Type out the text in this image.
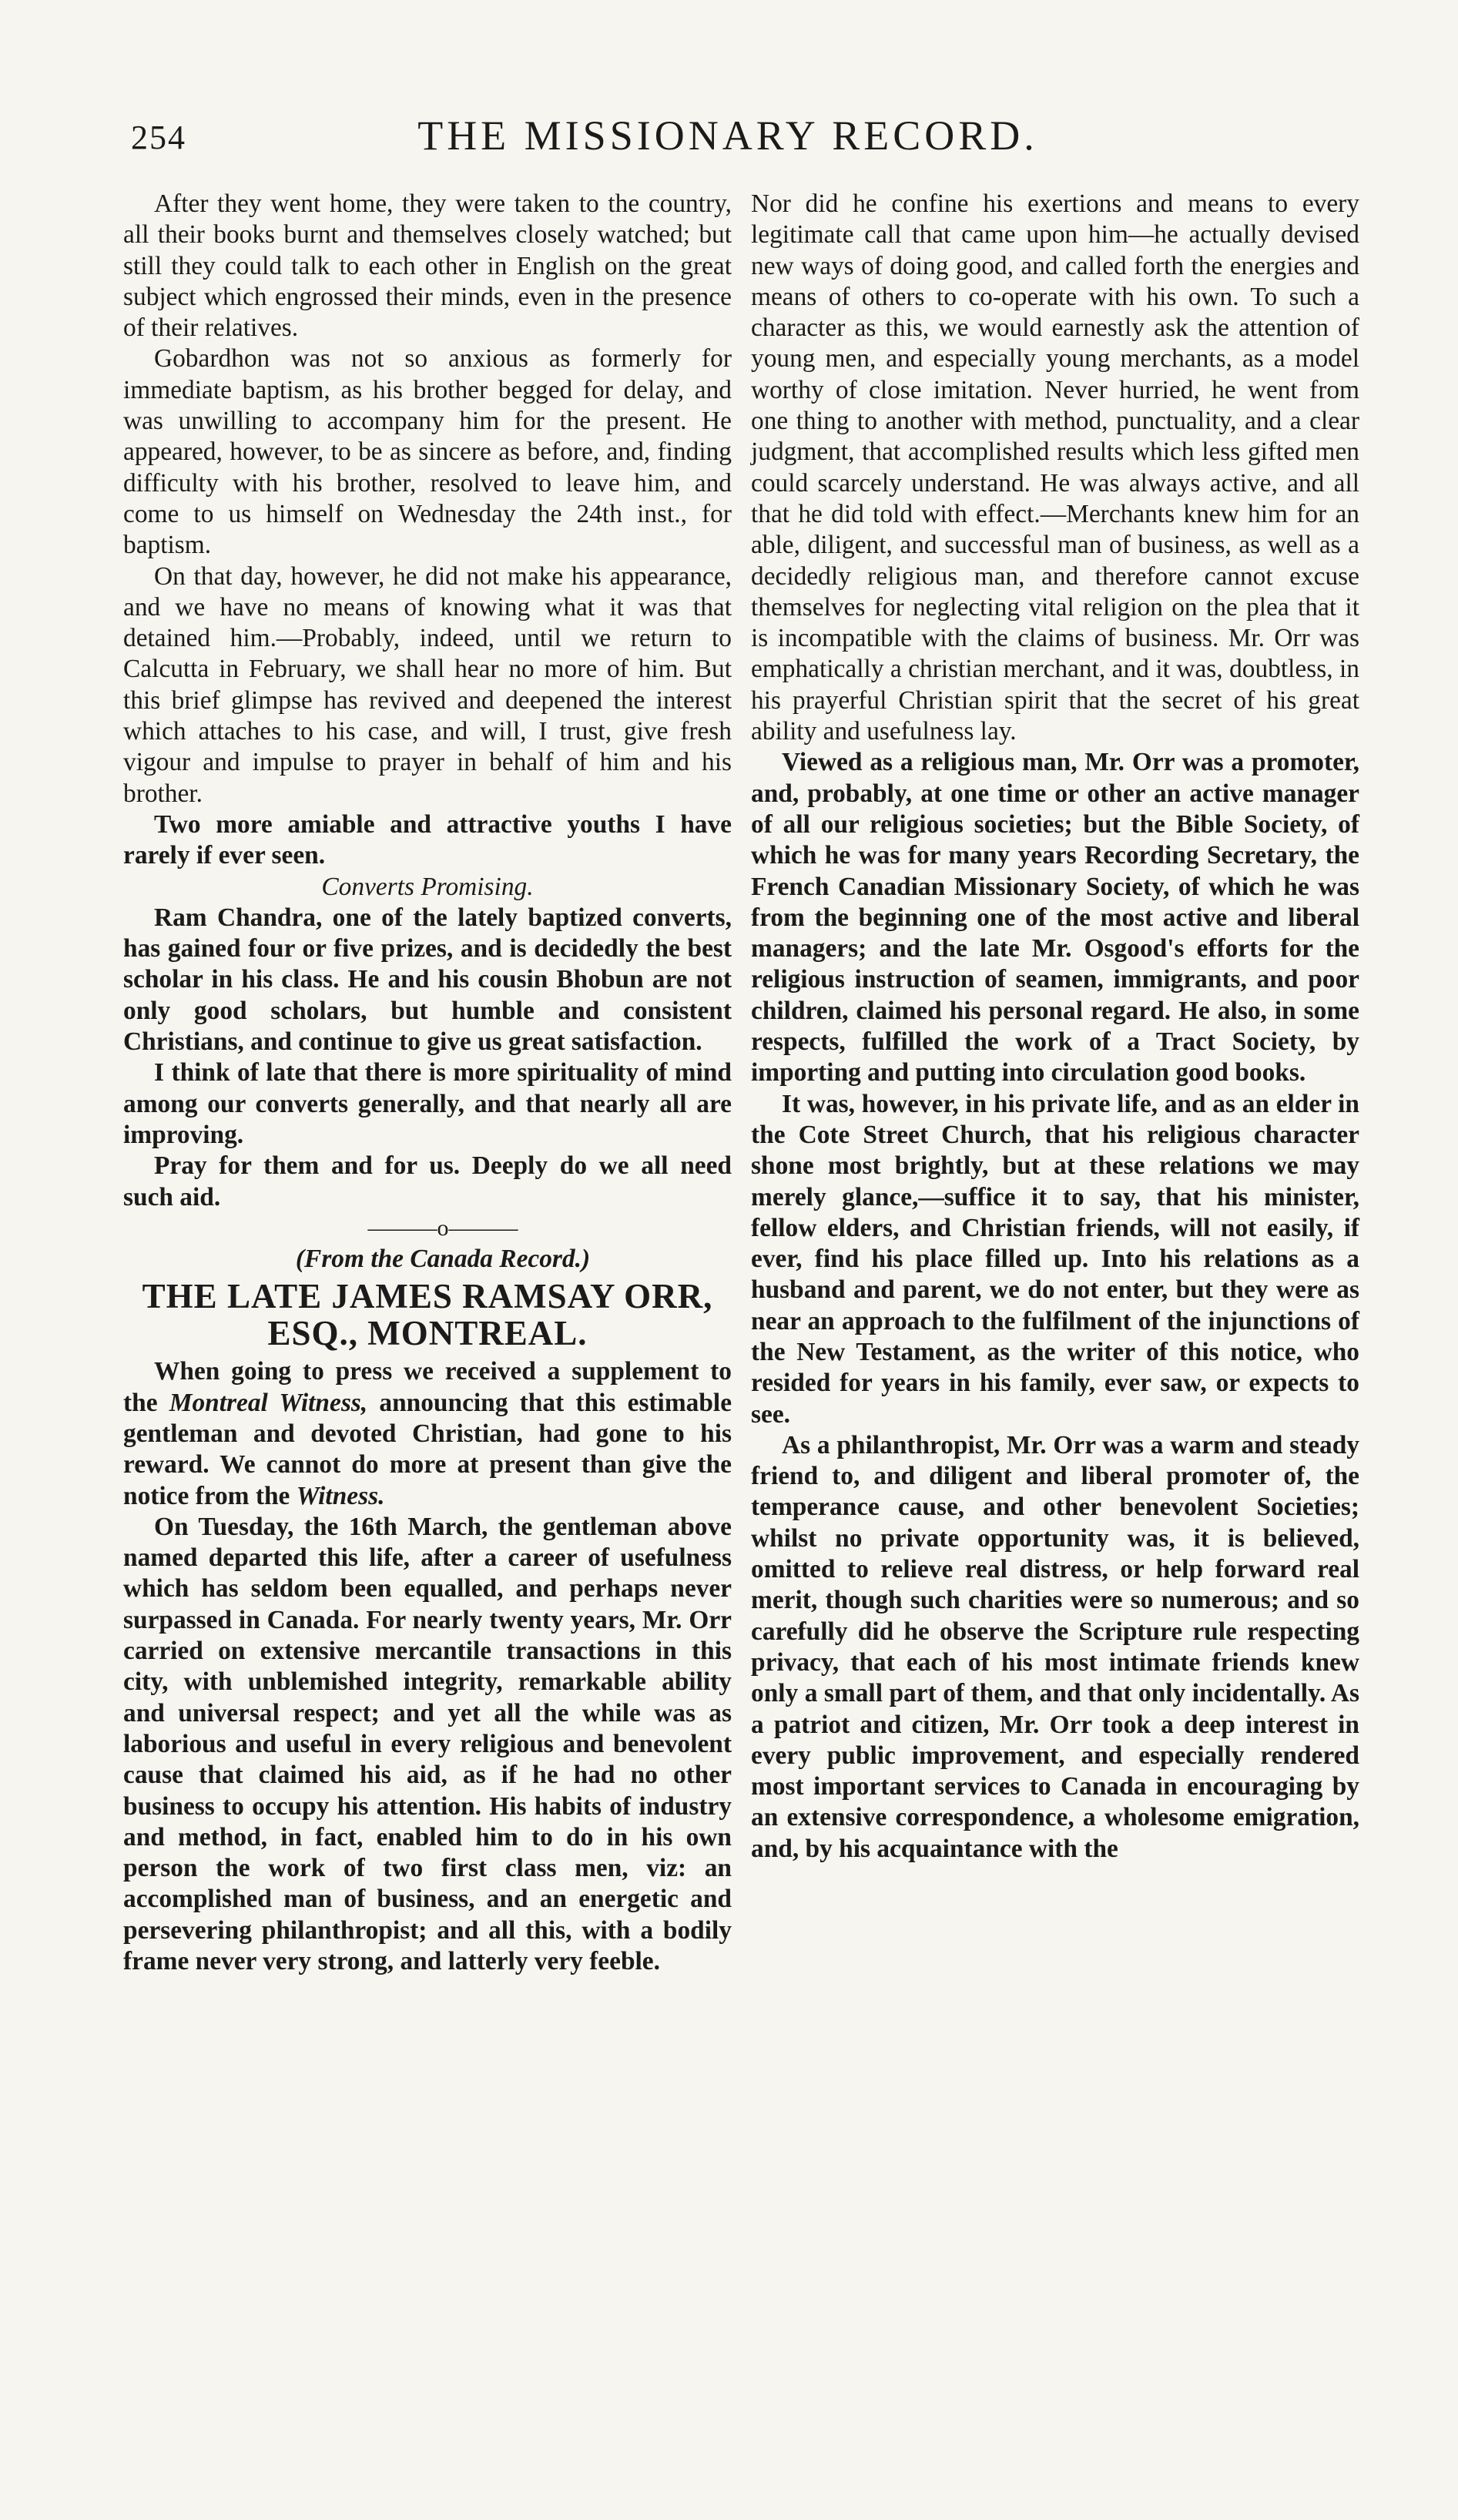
254	THE MISSIONARY RECORD.

After they went home, they were taken to the country, all their books burnt and themselves closely watched; but still they could talk to each other in English on the great subject which engrossed their minds, even in the presence of their relatives.

Gobardhon was not so anxious as formerly for immediate baptism, as his brother begged for delay, and was unwilling to accompany him for the present. He appeared, however, to be as sincere as before, and, finding difficulty with his brother, resolved to leave him, and come to us himself on Wednesday the 24th inst., for baptism.

On that day, however, he did not make his appearance, and we have no means of knowing what it was that detained him.—Probably, indeed, until we return to Calcutta in February, we shall hear no more of him. But this brief glimpse has revived and deepened the interest which attaches to his case, and will, I trust, give fresh vigour and impulse to prayer in behalf of him and his brother.

Two more amiable and attractive youths I have rarely if ever seen.

Converts Promising.

Ram Chandra, one of the lately baptized converts, has gained four or five prizes, and is decidedly the best scholar in his class. He and his cousin Bhobun are not only good scholars, but humble and consistent Christians, and continue to give us great satisfaction.

I think of late that there is more spirituality of mind among our converts generally, and that nearly all are improving.

Pray for them and for us. Deeply do we all need such aid.

———o———

(From the Canada Record.)

THE LATE JAMES RAMSAY ORR,
ESQ., MONTREAL.

When going to press we received a supplement to the Montreal Witness, announcing that this estimable gentleman and devoted Christian, had gone to his reward. We cannot do more at present than give the notice from the Witness.

On Tuesday, the 16th March, the gentleman above named departed this life, after a career of usefulness which has seldom been equalled, and perhaps never surpassed in Canada. For nearly twenty years, Mr. Orr carried on extensive mercantile transactions in this city, with unblemished integrity, remarkable ability and universal respect; and yet all the while was as laborious and useful in every religious and benevolent cause that claimed his aid, as if he had no other business to occupy his attention. His habits of industry and method, in fact, enabled him to do in his own person the work of two first class men, viz: an accomplished man of business, and an energetic and persevering philanthropist; and all this, with a bodily frame never very strong, and latterly very feeble.

Nor did he confine his exertions and means to every legitimate call that came upon him—he actually devised new ways of doing good, and called forth the energies and means of others to co-operate with his own. To such a character as this, we would earnestly ask the attention of young men, and especially young merchants, as a model worthy of close imitation. Never hurried, he went from one thing to another with method, punctuality, and a clear judgment, that accomplished results which less gifted men could scarcely understand. He was always active, and all that he did told with effect.—Merchants knew him for an able, diligent, and successful man of business, as well as a decidedly religious man, and therefore cannot excuse themselves for neglecting vital religion on the plea that it is incompatible with the claims of business. Mr. Orr was emphatically a christian merchant, and it was, doubtless, in his prayerful Christian spirit that the secret of his great ability and usefulness lay.

Viewed as a religious man, Mr. Orr was a promoter, and, probably, at one time or other an active manager of all our religious societies; but the Bible Society, of which he was for many years Recording Secretary, the French Canadian Missionary Society, of which he was from the beginning one of the most active and liberal managers; and the late Mr. Osgood's efforts for the religious instruction of seamen, immigrants, and poor children, claimed his personal regard. He also, in some respects, fulfilled the work of a Tract Society, by importing and putting into circulation good books.

It was, however, in his private life, and as an elder in the Cote Street Church, that his religious character shone most brightly, but at these relations we may merely glance,—suffice it to say, that his minister, fellow elders, and Christian friends, will not easily, if ever, find his place filled up. Into his relations as a husband and parent, we do not enter, but they were as near an approach to the fulfilment of the injunctions of the New Testament, as the writer of this notice, who resided for years in his family, ever saw, or expects to see.

As a philanthropist, Mr. Orr was a warm and steady friend to, and diligent and liberal promoter of, the temperance cause, and other benevolent Societies; whilst no private opportunity was, it is believed, omitted to relieve real distress, or help forward real merit, though such charities were so numerous; and so carefully did he observe the Scripture rule respecting privacy, that each of his most intimate friends knew only a small part of them, and that only incidentally. As a patriot and citizen, Mr. Orr took a deep interest in every public improvement, and especially rendered most important services to Canada in encouraging by an extensive correspondence, a wholesome emigration, and, by his acquaintance with the
